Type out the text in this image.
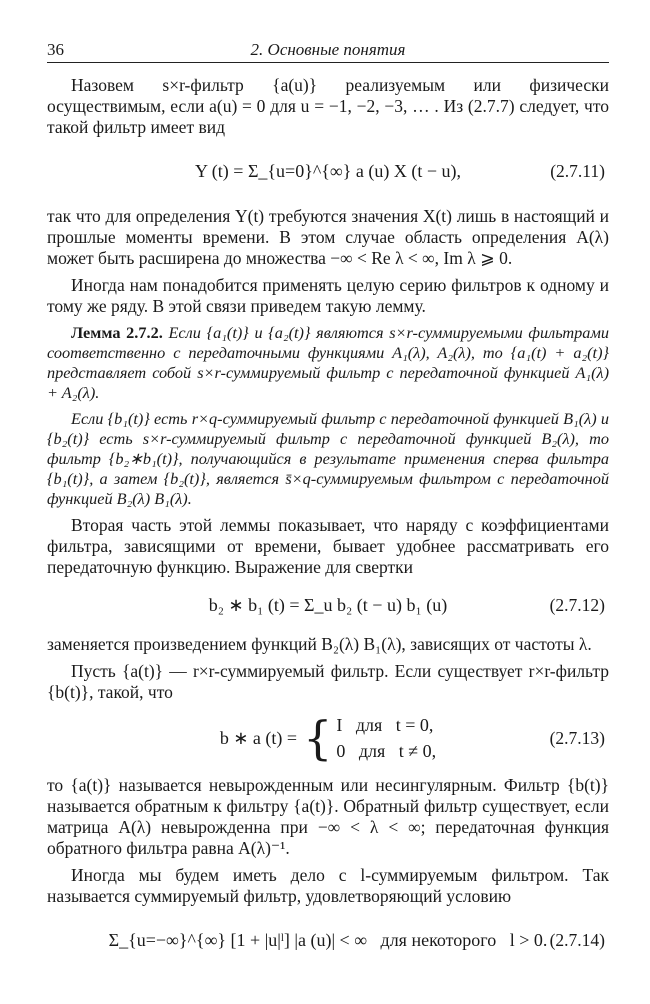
36	2. Основные понятия

Назовем s×r-фильтр {a(u)} реализуемым или физически осуществимым, если a(u) = 0 для u = −1, −2, −3, … . Из (2.7.7) следует, что такой фильтр имеет вид

Y (t) = Σ_{u=0}^{∞} a (u) X (t − u),	(2.7.11)

так что для определения Y(t) требуются значения X(t) лишь в настоящий и прошлые моменты времени. В этом случае область определения A(λ) может быть расширена до множества −∞ < Re λ < ∞, Im λ ⩾ 0.

Иногда нам понадобится применять целую серию фильтров к одному и тому же ряду. В этой связи приведем такую лемму.

Лемма 2.7.2. Если {a₁(t)} и {a₂(t)} являются s×r-суммируемыми фильтрами соответственно с передаточными функциями A₁(λ), A₂(λ), то {a₁(t) + a₂(t)} представляет собой s×r-суммируемый фильтр с передаточной функцией A₁(λ) + A₂(λ).

Если {b₁(t)} есть r×q-суммируемый фильтр с передаточной функцией B₁(λ) и {b₂(t)} есть s×r-суммируемый фильтр с передаточной функцией B₂(λ), то фильтр {b₂∗b₁(t)}, получающийся в результате применения сперва фильтра {b₁(t)}, а затем {b₂(t)}, является s̄×q-суммируемым фильтром с передаточной функцией B₂(λ) B₁(λ).

Вторая часть этой леммы показывает, что наряду с коэффициентами фильтра, зависящими от времени, бывает удобнее рассматривать его передаточную функцию. Выражение для свертки

b₂ ∗ b₁ (t) = Σ_u b₂ (t − u) b₁ (u)	(2.7.12)

заменяется произведением функций B₂(λ) B₁(λ), зависящих от частоты λ.

Пусть {a(t)} — r×r-суммируемый фильтр. Если существует r×r-фильтр {b(t)}, такой, что

b ∗ a (t) = { I   для   t = 0,
0   для   t ≠ 0,
(2.7.13)

то {a(t)} называется невырожденным или несингулярным. Фильтр {b(t)} называется обратным к фильтру {a(t)}. Обратный фильтр существует, если матрица A(λ) невырожденна при −∞ < λ < ∞; передаточная функция обратного фильтра равна A(λ)⁻¹.

Иногда мы будем иметь дело с l-суммируемым фильтром. Так называется суммируемый фильтр, удовлетворяющий условию

Σ_{u=−∞}^{∞} [1 + |u|ˡ] |a (u)| < ∞   для некоторого   l > 0. (2.7.14)
